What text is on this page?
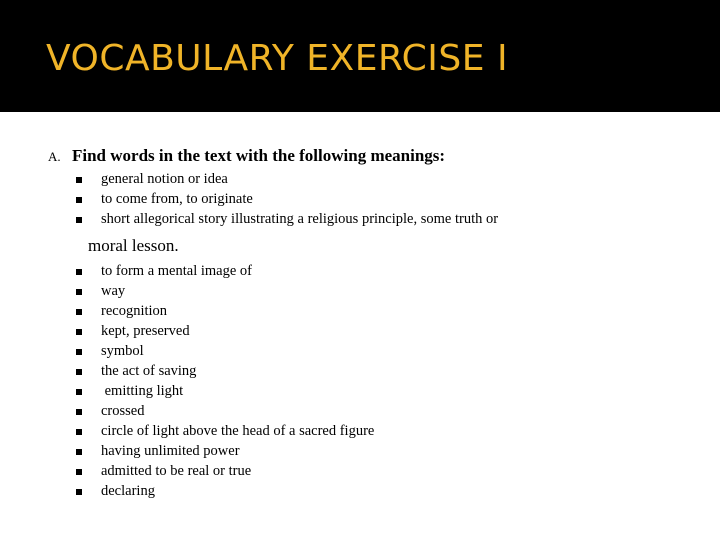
VOCABULARY EXERCISE I
A. Find words in the text with the following meanings:
general notion or idea
to come from, to originate
short allegorical story illustrating a religious principle, some truth or
moral lesson.
to form a mental image of
way
recognition
kept, preserved
symbol
the act of saving
emitting light
crossed
circle of light above the head of a sacred figure
having unlimited power
admitted to be real or true
declaring
